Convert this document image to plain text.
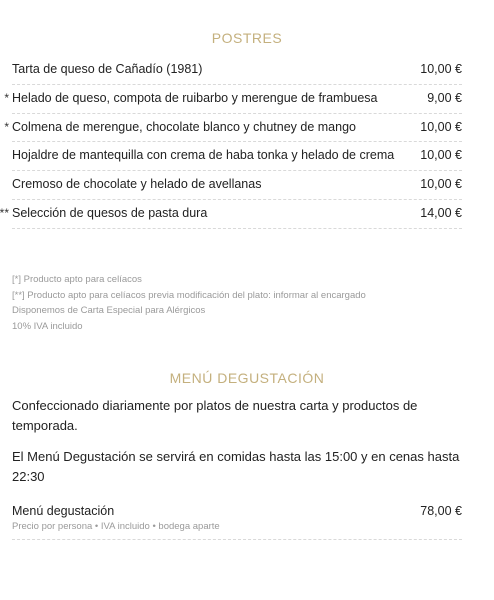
POSTRES
Tarta de queso de Cañadío (1981)	10,00 €
* Helado de queso, compota de ruibarbo y merengue de frambuesa	9,00 €
* Colmena de merengue, chocolate blanco y chutney de mango	10,00 €
Hojaldre de mantequilla con crema de haba tonka y helado de crema 10,00 €
Cremoso de chocolate y helado de avellanas	10,00 €
** Selección de quesos de pasta dura	14,00 €
[*] Producto apto para celíacos
[**] Producto apto para celíacos previa modificación del plato: informar al encargado
Disponemos de Carta Especial para Alérgicos
10% IVA incluido
MENÚ DEGUSTACIÓN
Confeccionado diariamente por platos de nuestra carta y productos de temporada.
El Menú Degustación se servirá en comidas hasta las 15:00 y en cenas hasta 22:30
Menú degustación	78,00 €
Precio por persona • IVA incluido • bodega aparte
